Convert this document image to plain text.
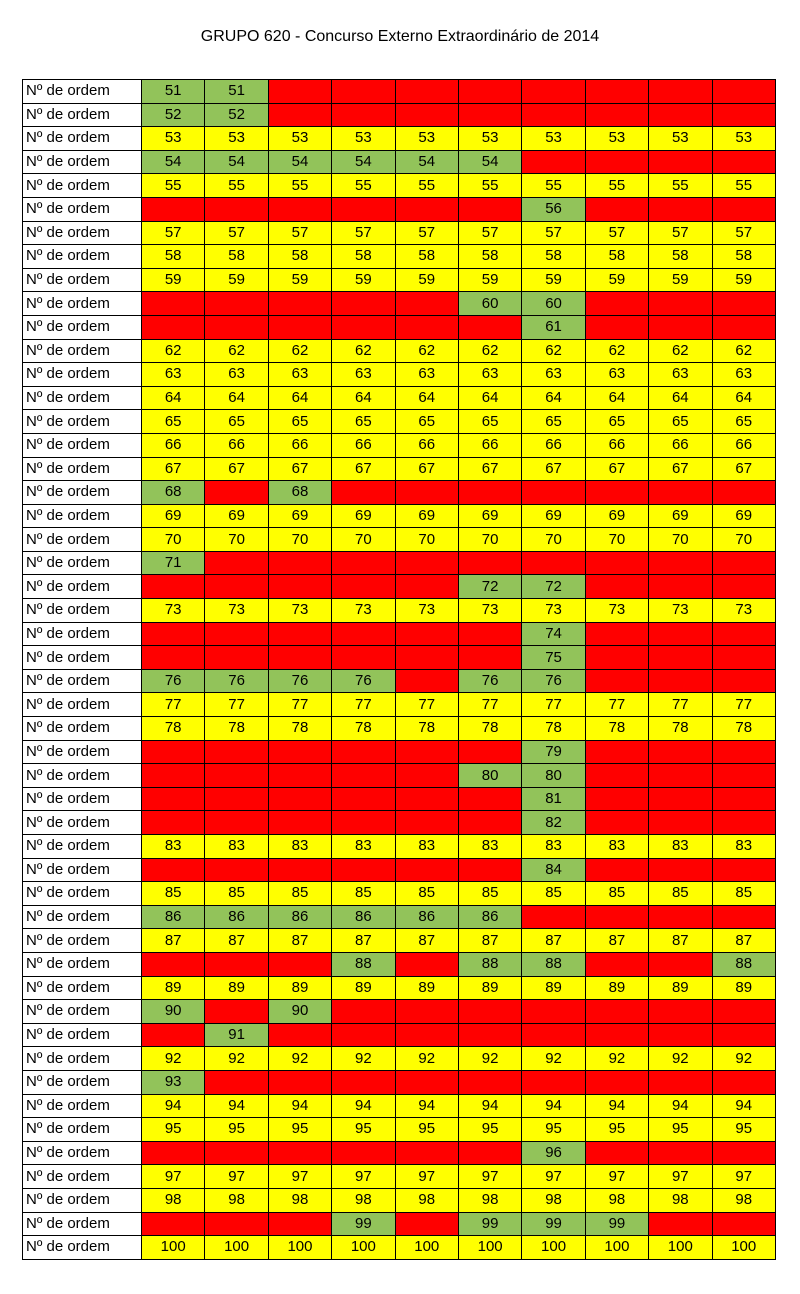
GRUPO 620 - Concurso Externo Extraordinário de 2014
Nº de ordem	51	51								
Nº de ordem	52	52								
Nº de ordem	53	53	53	53	53	53	53	53	53	53
Nº de ordem	54	54	54	54	54	54				
Nº de ordem	55	55	55	55	55	55	55	55	55	55
Nº de ordem							56			
Nº de ordem	57	57	57	57	57	57	57	57	57	57
Nº de ordem	58	58	58	58	58	58	58	58	58	58
Nº de ordem	59	59	59	59	59	59	59	59	59	59
Nº de ordem						60	60			
Nº de ordem							61			
Nº de ordem	62	62	62	62	62	62	62	62	62	62
Nº de ordem	63	63	63	63	63	63	63	63	63	63
Nº de ordem	64	64	64	64	64	64	64	64	64	64
Nº de ordem	65	65	65	65	65	65	65	65	65	65
Nº de ordem	66	66	66	66	66	66	66	66	66	66
Nº de ordem	67	67	67	67	67	67	67	67	67	67
Nº de ordem	68		68							
Nº de ordem	69	69	69	69	69	69	69	69	69	69
Nº de ordem	70	70	70	70	70	70	70	70	70	70
Nº de ordem	71									
Nº de ordem						72	72			
Nº de ordem	73	73	73	73	73	73	73	73	73	73
Nº de ordem							74			
Nº de ordem							75			
Nº de ordem	76	76	76	76		76	76			
Nº de ordem	77	77	77	77	77	77	77	77	77	77
Nº de ordem	78	78	78	78	78	78	78	78	78	78
Nº de ordem							79			
Nº de ordem						80	80			
Nº de ordem							81			
Nº de ordem							82			
Nº de ordem	83	83	83	83	83	83	83	83	83	83
Nº de ordem							84			
Nº de ordem	85	85	85	85	85	85	85	85	85	85
Nº de ordem	86	86	86	86	86	86				
Nº de ordem	87	87	87	87	87	87	87	87	87	87
Nº de ordem				88		88	88			88
Nº de ordem	89	89	89	89	89	89	89	89	89	89
Nº de ordem	90		90							
Nº de ordem		91								
Nº de ordem	92	92	92	92	92	92	92	92	92	92
Nº de ordem	93									
Nº de ordem	94	94	94	94	94	94	94	94	94	94
Nº de ordem	95	95	95	95	95	95	95	95	95	95
Nº de ordem							96			
Nº de ordem	97	97	97	97	97	97	97	97	97	97
Nº de ordem	98	98	98	98	98	98	98	98	98	98
Nº de ordem				99		99	99	99		
Nº de ordem	100	100	100	100	100	100	100	100	100	100
